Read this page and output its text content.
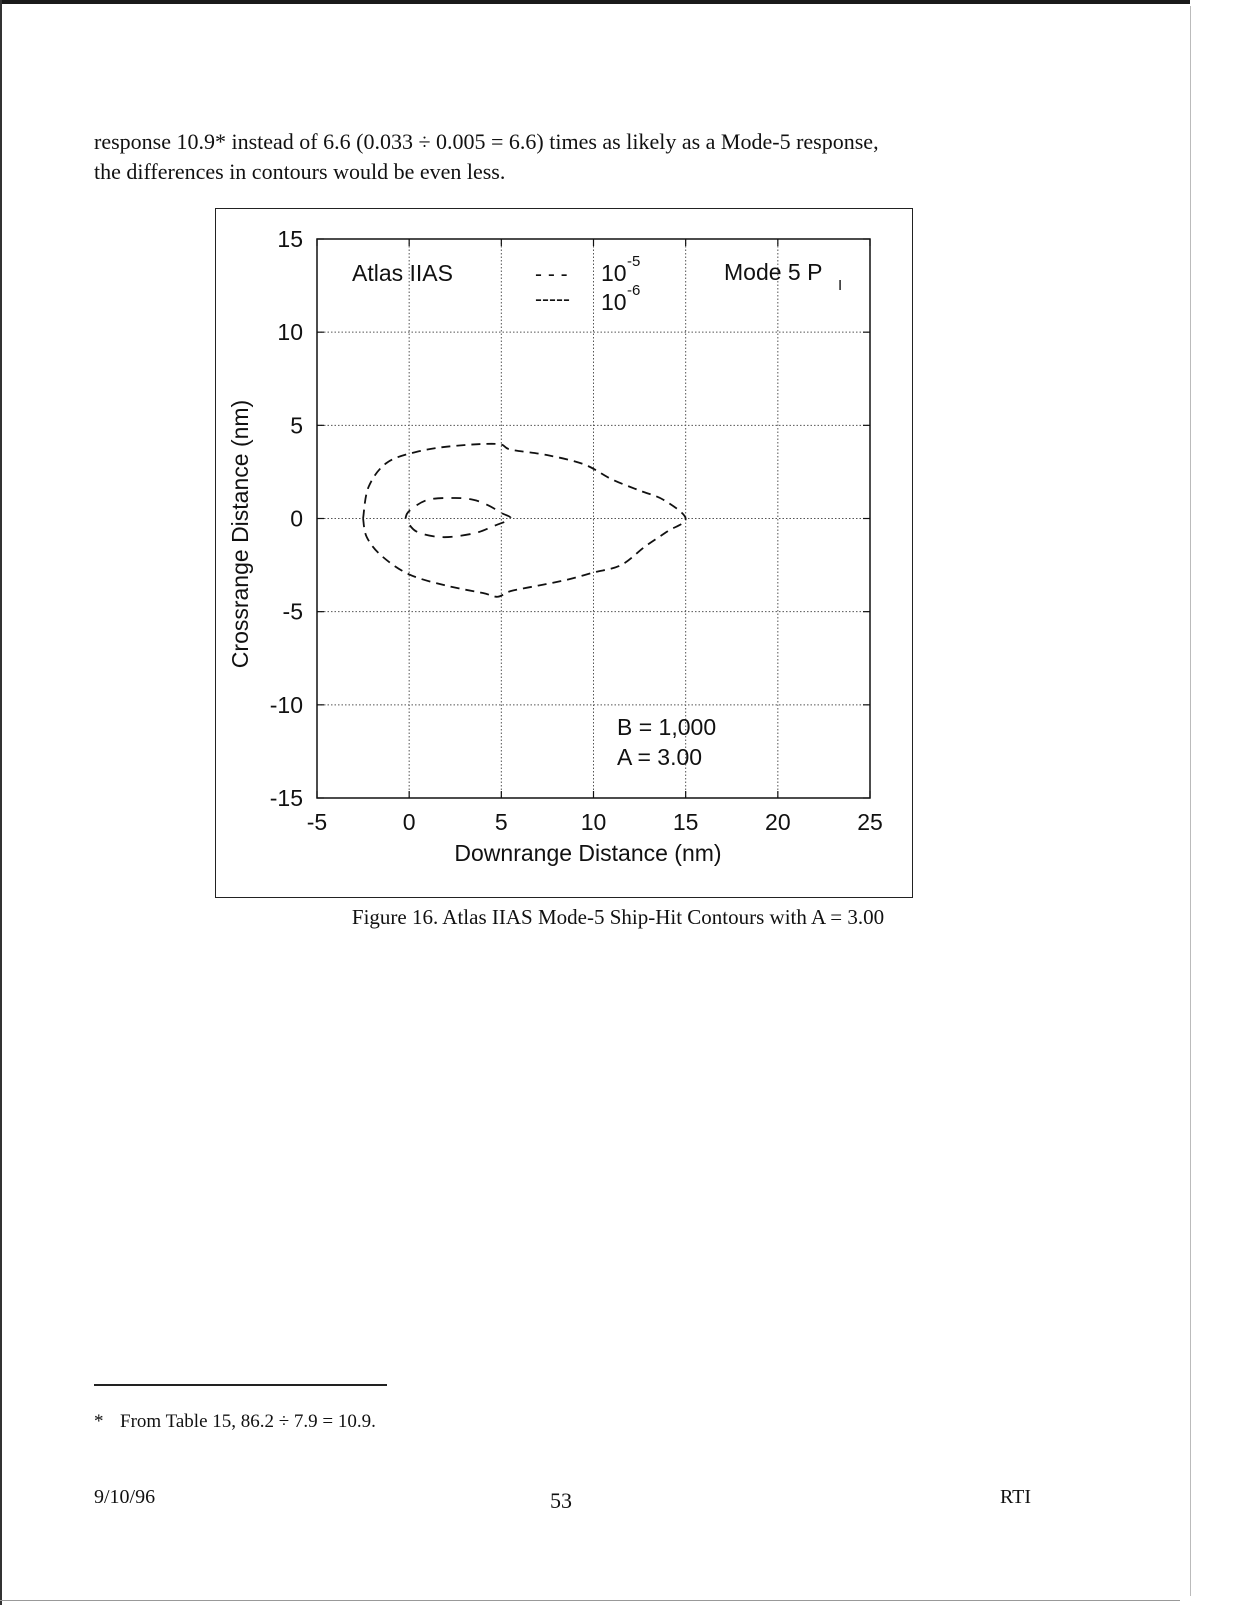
response 10.9* instead of 6.6 (0.033 ÷ 0.005 = 6.6) times as likely as a Mode-5 response,
the differences in contours would be even less.

-5	0	5	10	15	20	25
15
10
5
0
-5
-10
-15
Atlas IIAS	- - - 10 -5
----- 10 -6
Mode 5 P
I
B = 1,000
A = 3.00
Downrange Distance (nm)
Crossrange Distance (nm)

Figure 16. Atlas IIAS Mode-5 Ship-Hit Contours with A = 3.00

* From Table 15, 86.2 ÷ 7.9 = 10.9.

9/10/96	53	RTI
